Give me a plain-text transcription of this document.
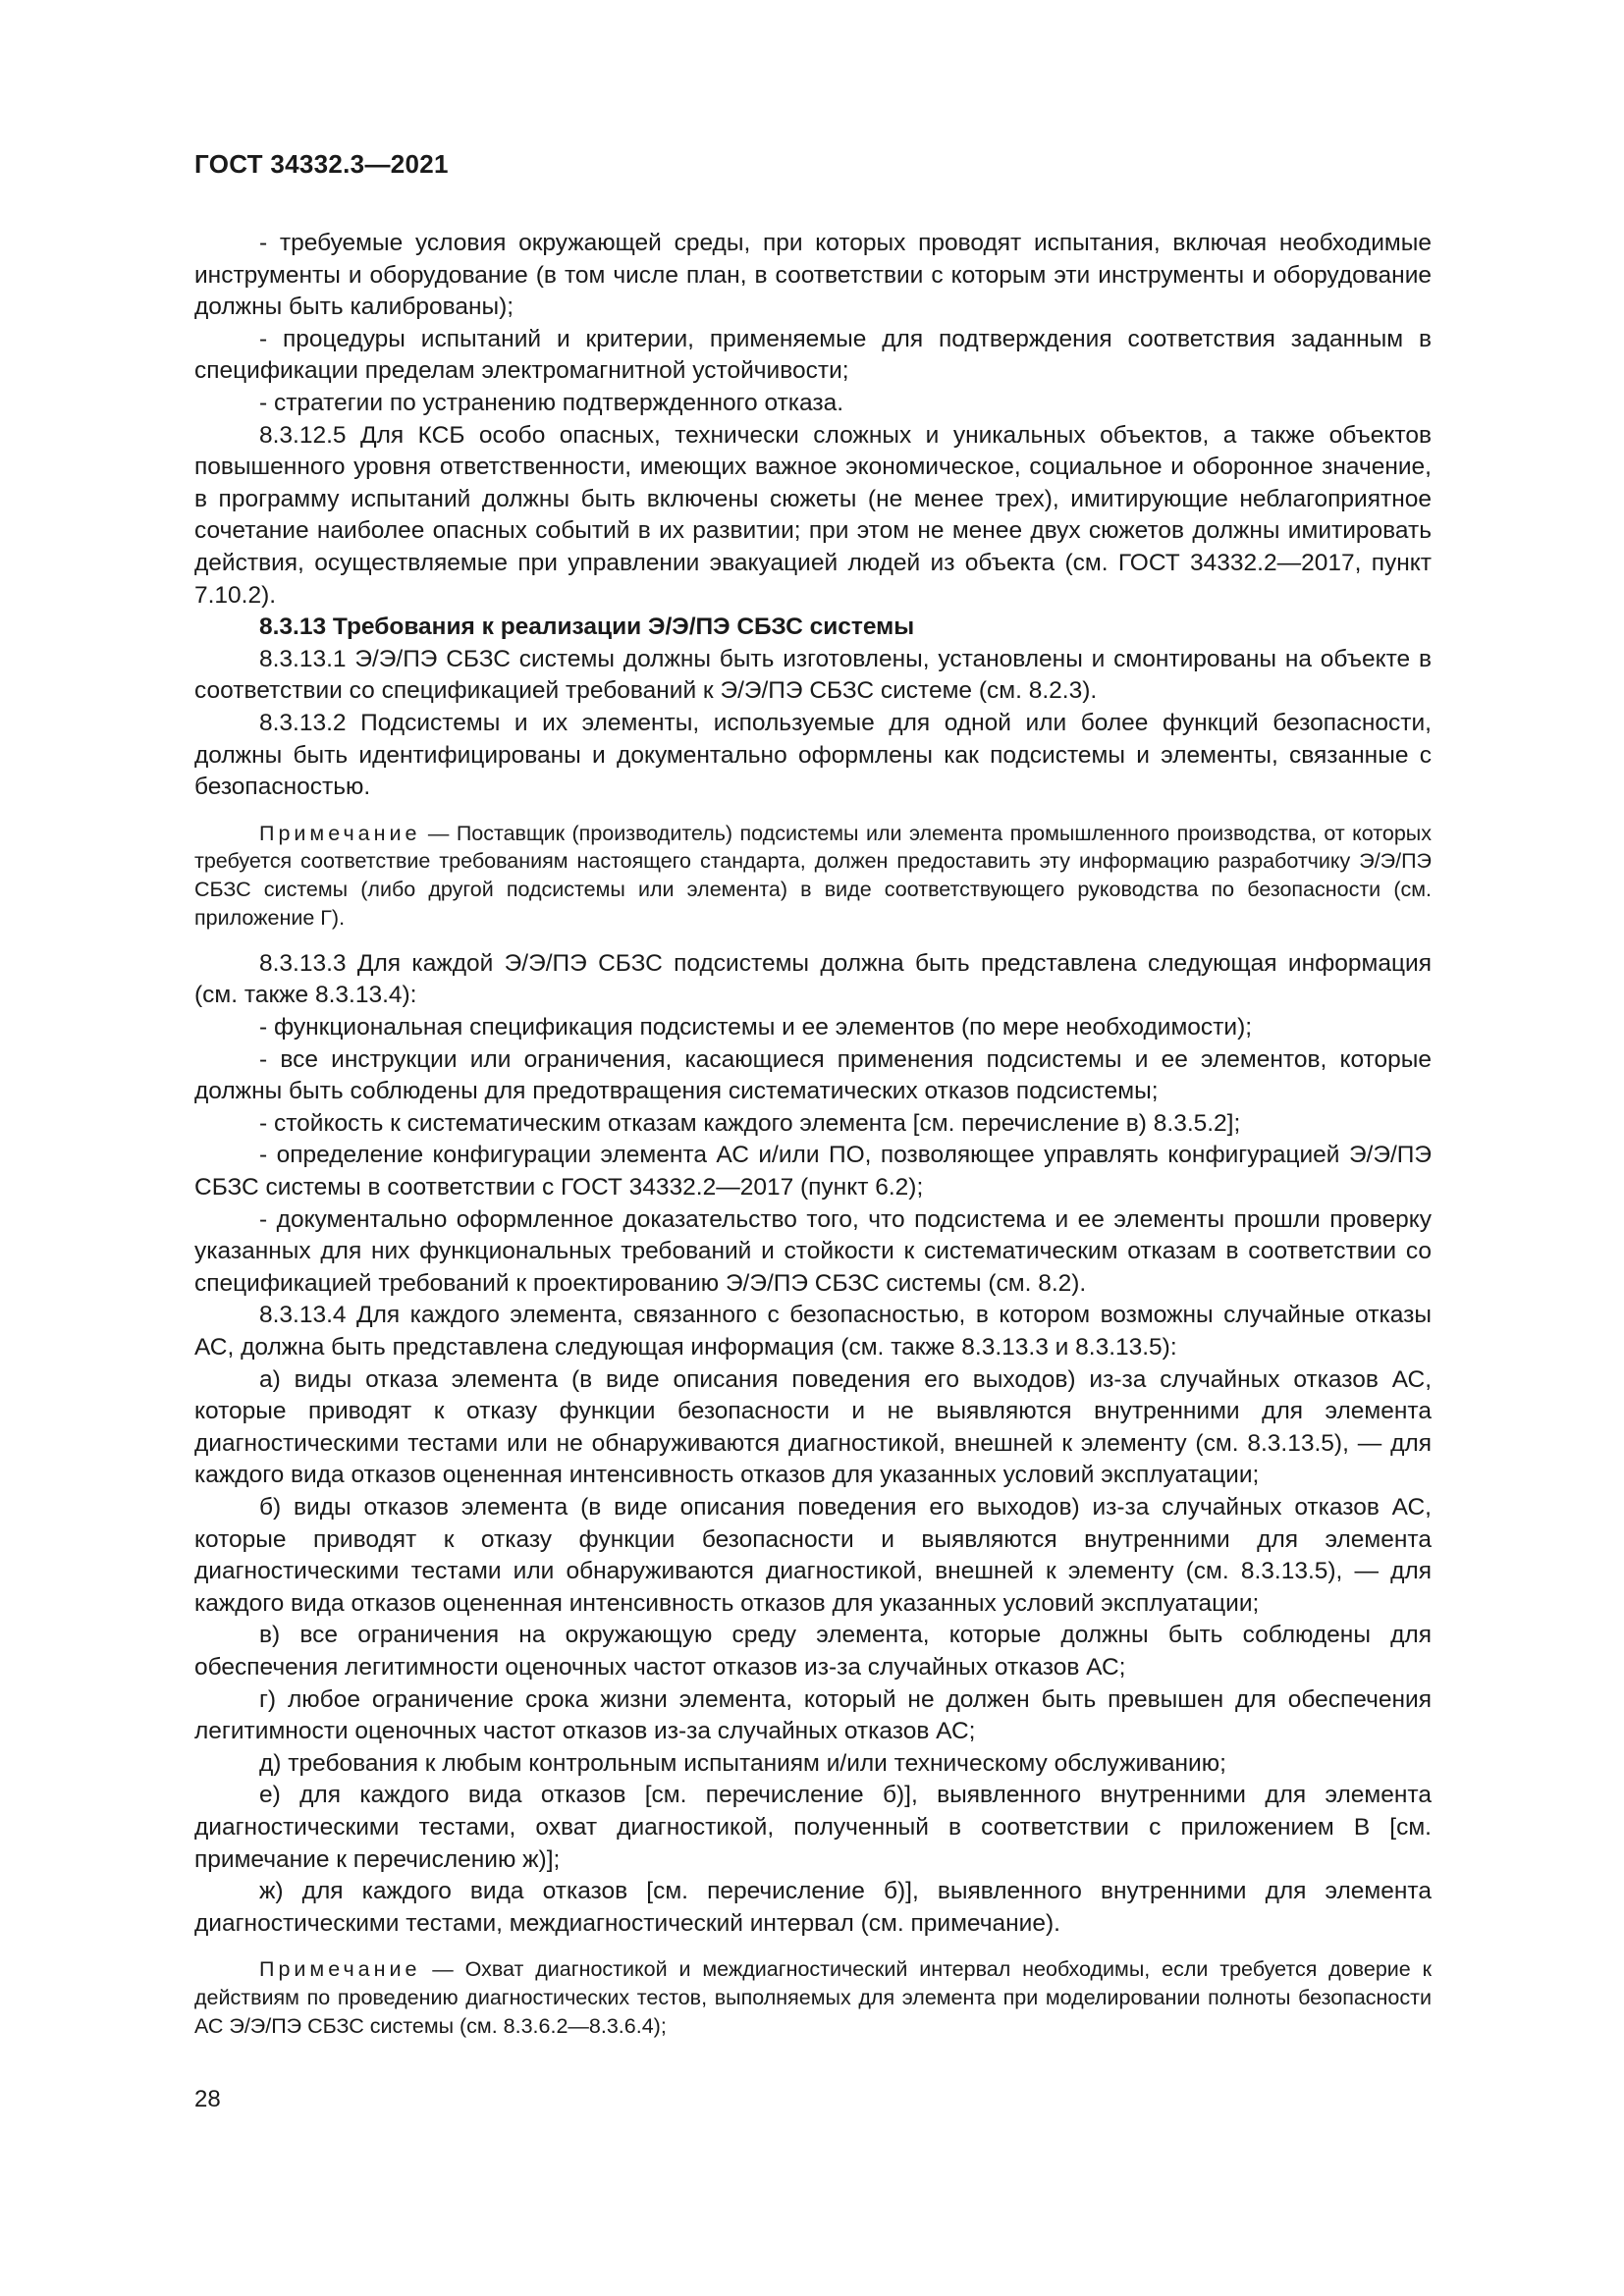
ГОСТ 34332.3—2021

- требуемые условия окружающей среды, при которых проводят испытания, включая необходимые инструменты и оборудование (в том числе план, в соответствии с которым эти инструменты и оборудование должны быть калиброваны);

- процедуры испытаний и критерии, применяемые для подтверждения соответствия заданным в спецификации пределам электромагнитной устойчивости;

- стратегии по устранению подтвержденного отказа.

8.3.12.5 Для КСБ особо опасных, технически сложных и уникальных объектов, а также объектов повышенного уровня ответственности, имеющих важное экономическое, социальное и оборонное значение, в программу испытаний должны быть включены сюжеты (не менее трех), имитирующие неблагоприятное сочетание наиболее опасных событий в их развитии; при этом не менее двух сюжетов должны имитировать действия, осуществляемые при управлении эвакуацией людей из объекта (см. ГОСТ 34332.2—2017, пункт 7.10.2).

8.3.13 Требования к реализации Э/Э/ПЭ СБЗС системы

8.3.13.1 Э/Э/ПЭ СБЗС системы должны быть изготовлены, установлены и смонтированы на объекте в соответствии со спецификацией требований к Э/Э/ПЭ СБЗС системе (см. 8.2.3).

8.3.13.2 Подсистемы и их элементы, используемые для одной или более функций безопасности, должны быть идентифицированы и документально оформлены как подсистемы и элементы, связанные с безопасностью.

Примечание — Поставщик (производитель) подсистемы или элемента промышленного производства, от которых требуется соответствие требованиям настоящего стандарта, должен предоставить эту информацию разработчику Э/Э/ПЭ СБЗС системы (либо другой подсистемы или элемента) в виде соответствующего руководства по безопасности (см. приложение Г).

8.3.13.3 Для каждой Э/Э/ПЭ СБЗС подсистемы должна быть представлена следующая информация (см. также 8.3.13.4):

- функциональная спецификация подсистемы и ее элементов (по мере необходимости);

- все инструкции или ограничения, касающиеся применения подсистемы и ее элементов, которые должны быть соблюдены для предотвращения систематических отказов подсистемы;

- стойкость к систематическим отказам каждого элемента [см. перечисление в) 8.3.5.2];

- определение конфигурации элемента АС и/или ПО, позволяющее управлять конфигурацией Э/Э/ПЭ СБЗС системы в соответствии с ГОСТ 34332.2—2017 (пункт 6.2);

- документально оформленное доказательство того, что подсистема и ее элементы прошли проверку указанных для них функциональных требований и стойкости к систематическим отказам в соответствии со спецификацией требований к проектированию Э/Э/ПЭ СБЗС системы (см. 8.2).

8.3.13.4 Для каждого элемента, связанного с безопасностью, в котором возможны случайные отказы АС, должна быть представлена следующая информация (см. также 8.3.13.3 и 8.3.13.5):

а) виды отказа элемента (в виде описания поведения его выходов) из-за случайных отказов АС, которые приводят к отказу функции безопасности и не выявляются внутренними для элемента диагностическими тестами или не обнаруживаются диагностикой, внешней к элементу (см. 8.3.13.5), — для каждого вида отказов оцененная интенсивность отказов для указанных условий эксплуатации;

б) виды отказов элемента (в виде описания поведения его выходов) из-за случайных отказов АС, которые приводят к отказу функции безопасности и выявляются внутренними для элемента диагностическими тестами или обнаруживаются диагностикой, внешней к элементу (см. 8.3.13.5), — для каждого вида отказов оцененная интенсивность отказов для указанных условий эксплуатации;

в) все ограничения на окружающую среду элемента, которые должны быть соблюдены для обеспечения легитимности оценочных частот отказов из-за случайных отказов АС;

г) любое ограничение срока жизни элемента, который не должен быть превышен для обеспечения легитимности оценочных частот отказов из-за случайных отказов АС;

д) требования к любым контрольным испытаниям и/или техническому обслуживанию;

е) для каждого вида отказов [см. перечисление б)], выявленного внутренними для элемента диагностическими тестами, охват диагностикой, полученный в соответствии с приложением В [см. примечание к перечислению ж)];

ж) для каждого вида отказов [см. перечисление б)], выявленного внутренними для элемента диагностическими тестами, междиагностический интервал (см. примечание).

Примечание — Охват диагностикой и междиагностический интервал необходимы, если требуется доверие к действиям по проведению диагностических тестов, выполняемых для элемента при моделировании полноты безопасности АС Э/Э/ПЭ СБЗС системы (см. 8.3.6.2—8.3.6.4);

28
